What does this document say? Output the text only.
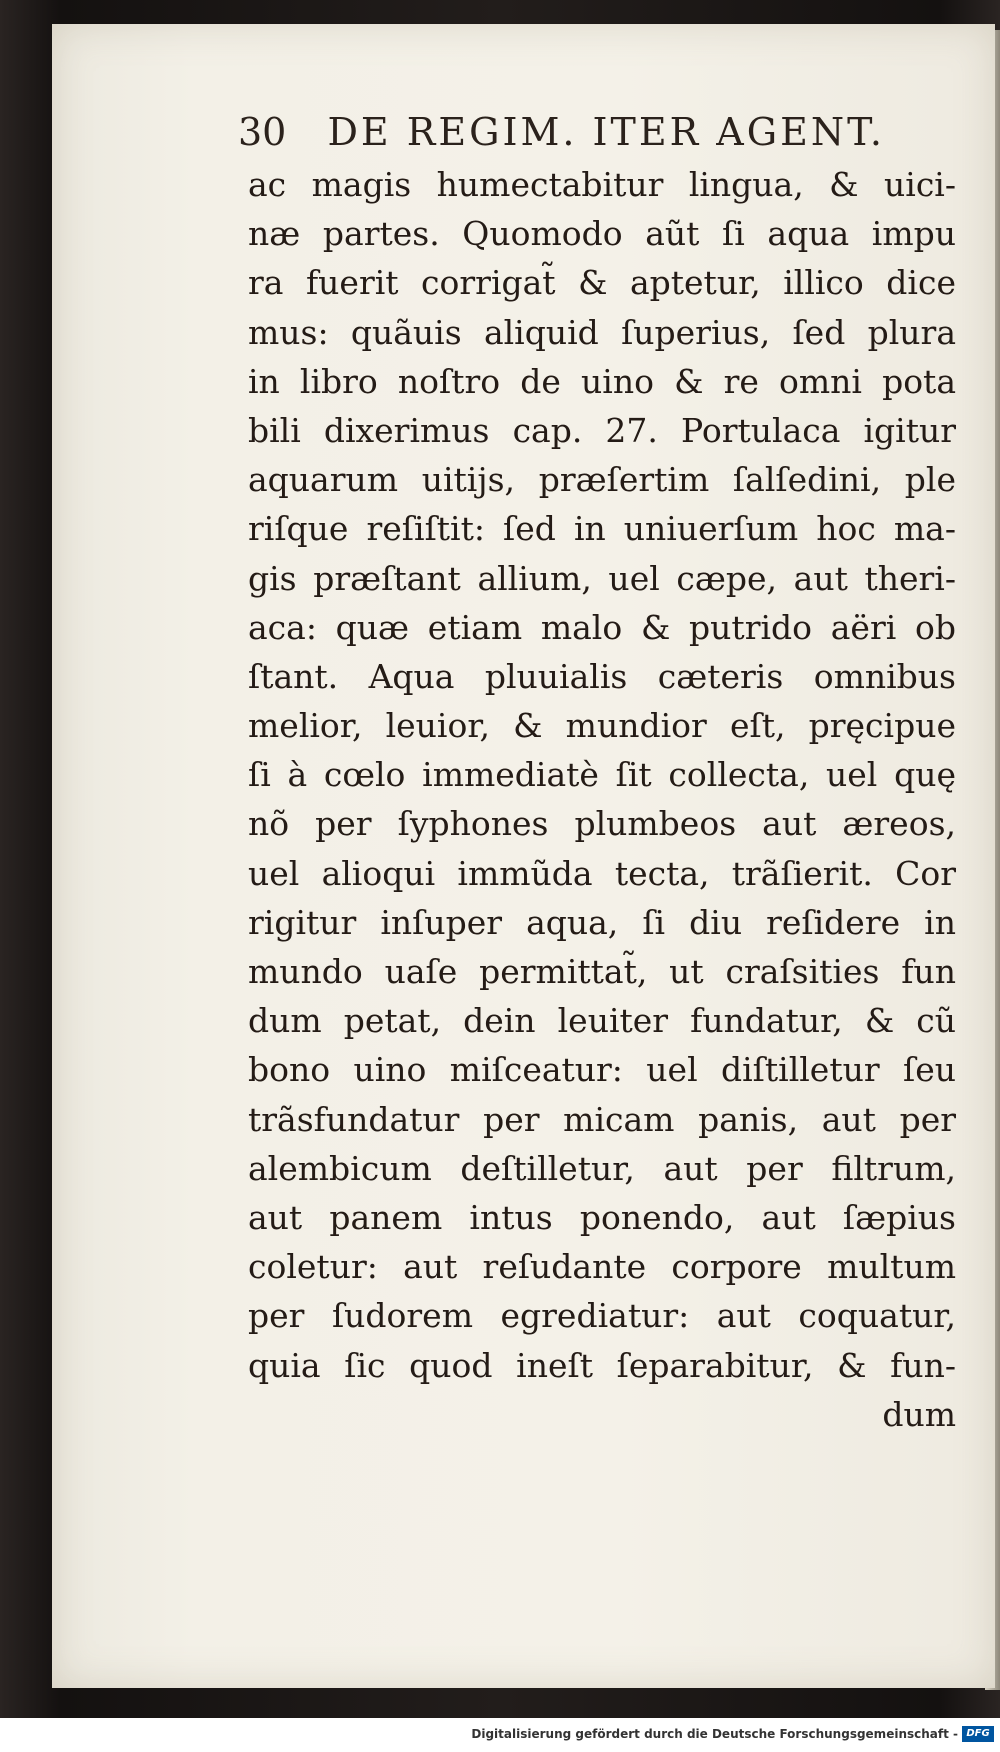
30 DE REGIM. ITER AGENT.
ac magis humectabitur lingua, & uici-
næ partes. Quomodo aũt ſi aqua impu
ra fuerit corrigat̃ & aptetur, illico dice
mus: quãuis aliquid ſuperius, ſed plura
in libro noſtro de uino & re omni pota
bili dixerimus cap. 27. Portulaca igitur
aquarum uitijs, præſertim ſalſedini, ple
riſque reſiſtit: ſed in uniuerſum hoc ma-
gis præſtant allium, uel cæpe, aut theri-
aca: quæ etiam malo & putrido aëri ob
ſtant. Aqua pluuialis cæteris omnibus
melior, leuior, & mundior eſt, pręcipue
ſi à cœlo immediatè ſit collecta, uel quę
nõ per ſyphones plumbeos aut æreos,
uel alioqui immũda tecta, trãſierit. Cor
rigitur inſuper aqua, ſi diu reſidere in
mundo uaſe permittat̃, ut craſsities fun
dum petat, dein leuiter fundatur, & cũ
bono uino miſceatur: uel diſtilletur ſeu
trãsfundatur per micam panis, aut per
alembicum deſtilletur, aut per filtrum,
aut panem intus ponendo, aut ſæpius
coletur: aut reſudante corpore multum
per ſudorem egrediatur: aut coquatur,
quia ſic quod ineſt ſeparabitur, & fun-
dum
Digitalisierung gefördert durch die Deutsche Forschungsgemeinschaft - DFG
